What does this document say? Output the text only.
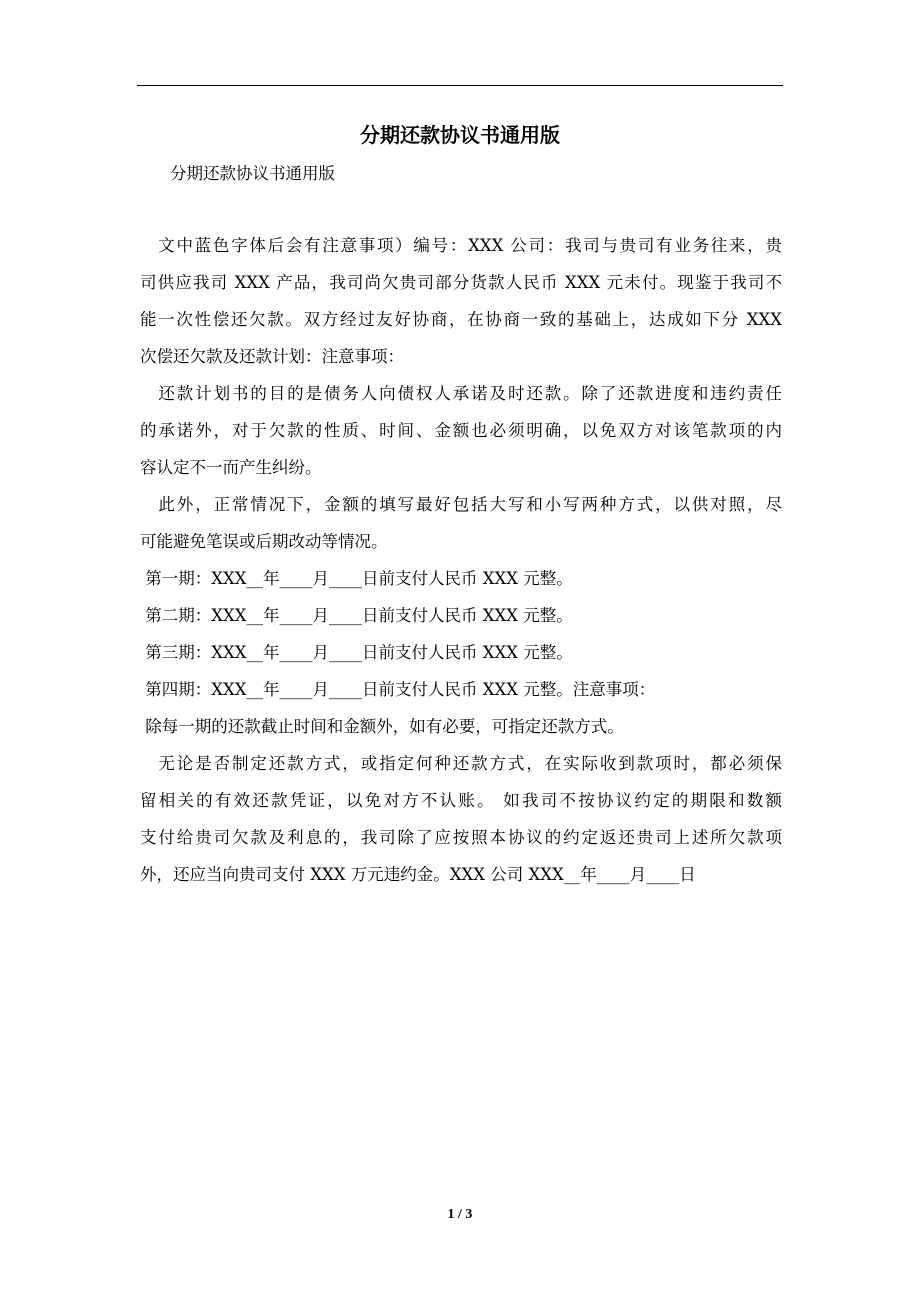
分期还款协议书通用版
分期还款协议书通用版
　文中蓝色字体后会有注意事项）编号：XXX 公司：我司与贵司有业务往来，贵
司供应我司 XXX 产品，我司尚欠贵司部分货款人民币 XXX 元未付。现鉴于我司不
能一次性偿还欠款。双方经过友好协商，在协商一致的基础上，达成如下分 XXX
次偿还欠款及还款计划：注意事项：
　还款计划书的目的是债务人向债权人承诺及时还款。除了还款进度和违约责任
的承诺外，对于欠款的性质、时间、金额也必须明确，以免双方对该笔款项的内
容认定不一而产生纠纷。
　此外，正常情况下，金额的填写最好包括大写和小写两种方式，以供对照，尽
可能避免笔误或后期改动等情况。
第一期：XXX__年____月____日前支付人民币 XXX 元整。
第二期：XXX__年____月____日前支付人民币 XXX 元整。
第三期：XXX__年____月____日前支付人民币 XXX 元整。
第四期：XXX__年____月____日前支付人民币 XXX 元整。注意事项：
除每一期的还款截止时间和金额外，如有必要，可指定还款方式。
　无论是否制定还款方式，或指定何种还款方式，在实际收到款项时，都必须保
留相关的有效还款凭证，以免对方不认账。 如我司不按协议约定的期限和数额
支付给贵司欠款及利息的，我司除了应按照本协议的约定返还贵司上述所欠款项
外，还应当向贵司支付 XXX 万元违约金。XXX 公司 XXX__年____月____日
1 / 3
